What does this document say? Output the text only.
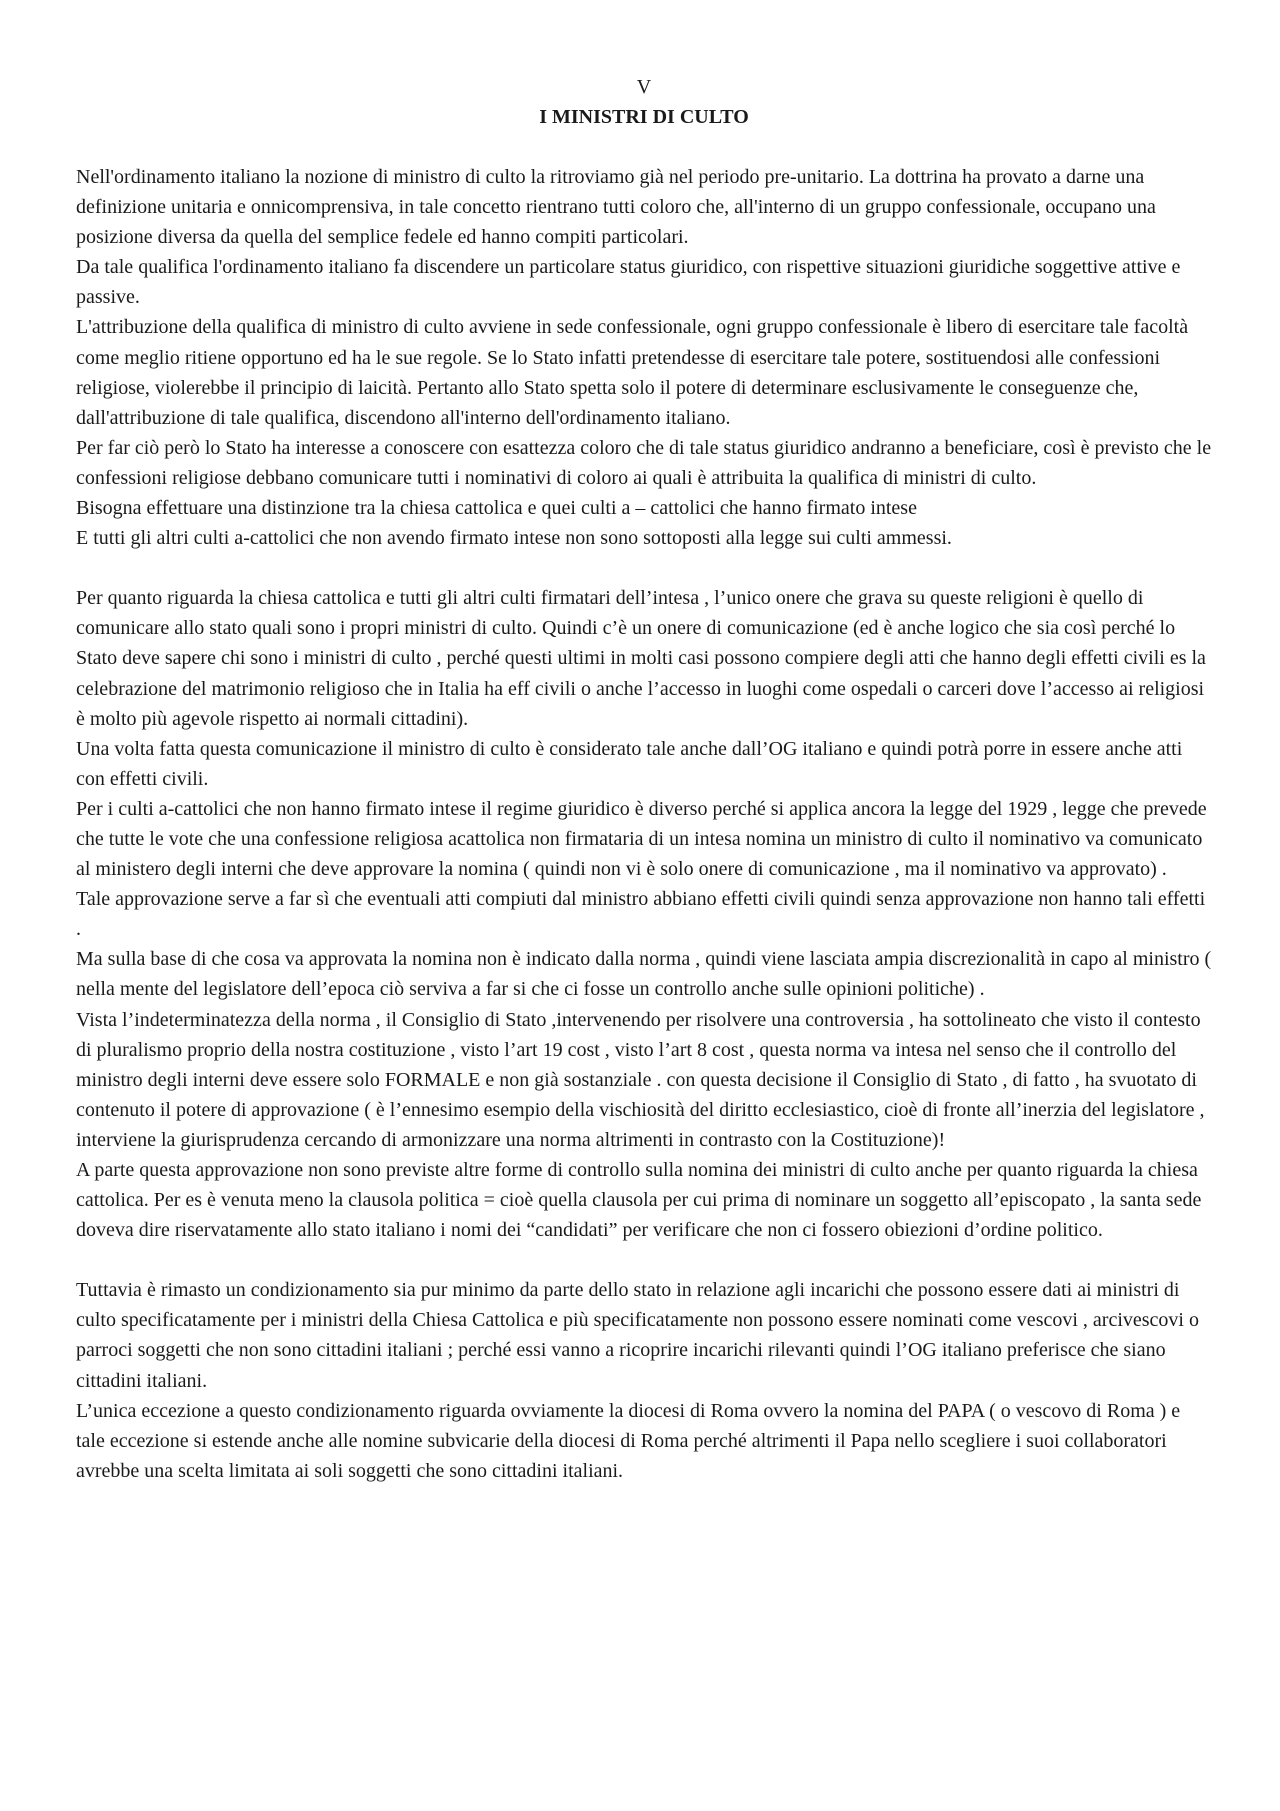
V

I MINISTRI DI CULTO

Nell'ordinamento italiano la nozione di ministro di culto la ritroviamo già nel periodo pre-unitario. La dottrina ha provato a darne una definizione unitaria e onnicomprensiva, in tale concetto rientrano tutti coloro che, all'interno di un gruppo confessionale, occupano una posizione diversa da quella del semplice fedele ed hanno compiti particolari.

Da tale qualifica l'ordinamento italiano fa discendere un particolare status giuridico, con rispettive situazioni giuridiche soggettive attive e passive.

L'attribuzione della qualifica di ministro di culto avviene in sede confessionale, ogni gruppo confessionale è libero di esercitare tale facoltà come meglio ritiene opportuno ed ha le sue regole. Se lo Stato infatti pretendesse di esercitare tale potere, sostituendosi alle confessioni religiose, violerebbe il principio di laicità. Pertanto allo Stato spetta solo il potere di determinare esclusivamente le conseguenze che, dall'attribuzione di tale qualifica, discendono all'interno dell'ordinamento italiano.

Per far ciò però lo Stato ha interesse a conoscere con esattezza coloro che di tale status giuridico andranno a beneficiare, così è previsto che le confessioni religiose debbano comunicare tutti i nominativi di coloro ai quali è attribuita la qualifica di ministri di culto.

Bisogna effettuare una distinzione tra la chiesa cattolica e quei culti a – cattolici che hanno firmato intese

E tutti gli altri culti a-cattolici che non avendo firmato intese non sono sottoposti alla legge sui culti ammessi.

Per quanto riguarda la chiesa cattolica e tutti gli altri culti firmatari dell’intesa , l’unico onere che grava su queste religioni è quello di comunicare allo stato quali sono i propri ministri di culto. Quindi c’è un onere di comunicazione (ed è anche logico che sia così perché lo Stato deve sapere chi sono i ministri di culto , perché questi ultimi in molti casi possono compiere degli atti che hanno degli effetti civili es la celebrazione del matrimonio religioso che in Italia ha eff civili o anche l’accesso in luoghi come ospedali o carceri dove l’accesso ai religiosi è molto più agevole rispetto ai normali cittadini).

Una volta fatta questa comunicazione il ministro di culto è considerato tale anche dall’OG italiano e quindi potrà porre in essere anche atti con effetti civili.

Per i culti a-cattolici che non hanno firmato intese il regime giuridico è diverso perché si applica ancora la legge del 1929 , legge che prevede che tutte le vote che una confessione religiosa acattolica non firmataria di un intesa nomina un ministro di culto il nominativo va comunicato al ministero degli interni che deve approvare la nomina ( quindi non vi è solo onere di comunicazione , ma il nominativo va approvato) .

Tale approvazione serve a far sì che eventuali atti compiuti dal ministro abbiano effetti civili quindi senza approvazione non hanno tali effetti .

Ma sulla base di che cosa va approvata la nomina non è indicato dalla norma , quindi viene lasciata ampia discrezionalità in capo al ministro ( nella mente del legislatore dell’epoca ciò serviva a far si che ci fosse un controllo anche sulle opinioni politiche) .

Vista l’indeterminatezza della norma , il Consiglio di Stato ,intervenendo per risolvere una controversia , ha sottolineato che visto il contesto di pluralismo proprio della nostra costituzione , visto l’art 19 cost , visto l’art 8 cost , questa norma va intesa nel senso che il controllo del ministro degli interni deve essere solo FORMALE e non già sostanziale . con questa decisione il Consiglio di Stato , di fatto , ha svuotato di contenuto il potere di approvazione ( è l’ennesimo esempio della vischiosità del diritto ecclesiastico, cioè di fronte all’inerzia del legislatore , interviene la giurisprudenza cercando di armonizzare una norma altrimenti in contrasto con la Costituzione)!

A parte questa approvazione non sono previste altre forme di controllo sulla nomina dei ministri di culto anche per quanto riguarda la chiesa cattolica. Per es è venuta meno la clausola politica = cioè quella clausola per cui prima di nominare un soggetto all’episcopato , la santa sede doveva dire riservatamente allo stato italiano i nomi dei “candidati” per verificare che non ci fossero obiezioni d’ordine politico.

Tuttavia è rimasto un condizionamento sia pur minimo da parte dello stato in relazione agli incarichi che possono essere dati ai ministri di culto specificatamente per i ministri della Chiesa Cattolica e più specificatamente non possono essere nominati come vescovi , arcivescovi o parroci soggetti che non sono cittadini italiani ; perché essi vanno a ricoprire incarichi rilevanti quindi l’OG italiano preferisce che siano cittadini italiani.

L’unica eccezione a questo condizionamento riguarda ovviamente la diocesi di Roma ovvero la nomina del PAPA ( o vescovo di Roma ) e tale eccezione si estende anche alle nomine subvicarie della diocesi di Roma perché altrimenti il Papa nello scegliere i suoi collaboratori avrebbe una scelta limitata ai soli soggetti che sono cittadini italiani.
